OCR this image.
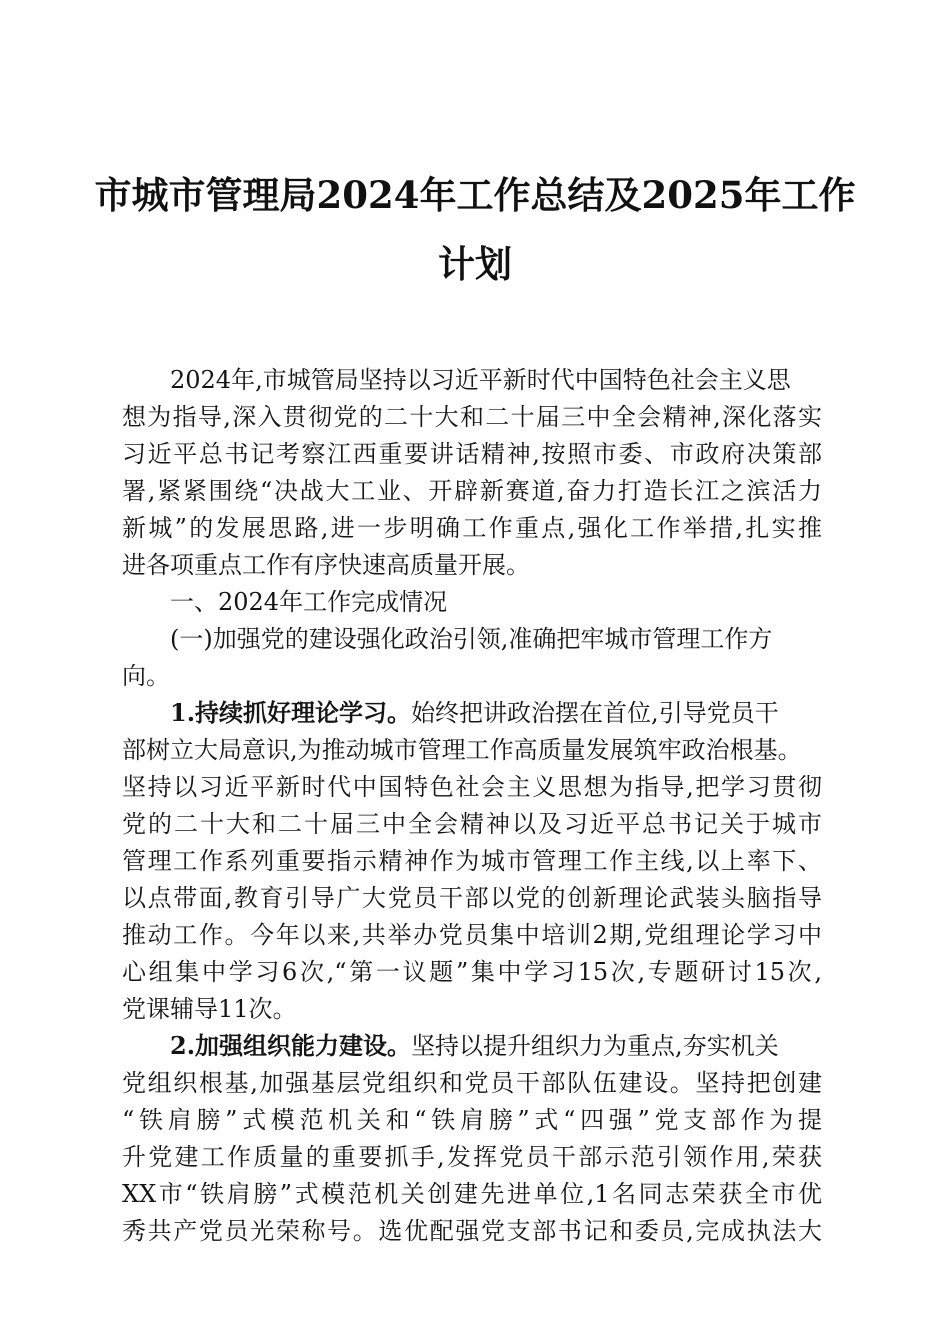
市城市管理局2024年工作总结及2025年工作
计划
2024年,市城管局坚持以习近平新时代中国特色社会主义思
想为指导,深入贯彻党的二十大和二十届三中全会精神,深化落实
习近平总书记考察江西重要讲话精神,按照市委、市政府决策部
署,紧紧围绕“决战大工业、开辟新赛道,奋力打造长江之滨活力
新城”的发展思路,进一步明确工作重点,强化工作举措,扎实推
进各项重点工作有序快速高质量开展。
一、2024年工作完成情况
(一)加强党的建设强化政治引领,准确把牢城市管理工作方
向。
1.持续抓好理论学习。始终把讲政治摆在首位,引导党员干
部树立大局意识,为推动城市管理工作高质量发展筑牢政治根基。
坚持以习近平新时代中国特色社会主义思想为指导,把学习贯彻
党的二十大和二十届三中全会精神以及习近平总书记关于城市
管理工作系列重要指示精神作为城市管理工作主线,以上率下、
以点带面,教育引导广大党员干部以党的创新理论武装头脑指导
推动工作。今年以来,共举办党员集中培训2期,党组理论学习中
心组集中学习6次,“第一议题”集中学习15次,专题研讨15次,
党课辅导11次。
2.加强组织能力建设。坚持以提升组织力为重点,夯实机关
党组织根基,加强基层党组织和党员干部队伍建设。坚持把创建
“铁肩膀”式模范机关和“铁肩膀”式“四强”党支部作为提
升党建工作质量的重要抓手,发挥党员干部示范引领作用,荣获
XX市“铁肩膀”式模范机关创建先进单位,1名同志荣获全市优
秀共产党员光荣称号。选优配强党支部书记和委员,完成执法大
